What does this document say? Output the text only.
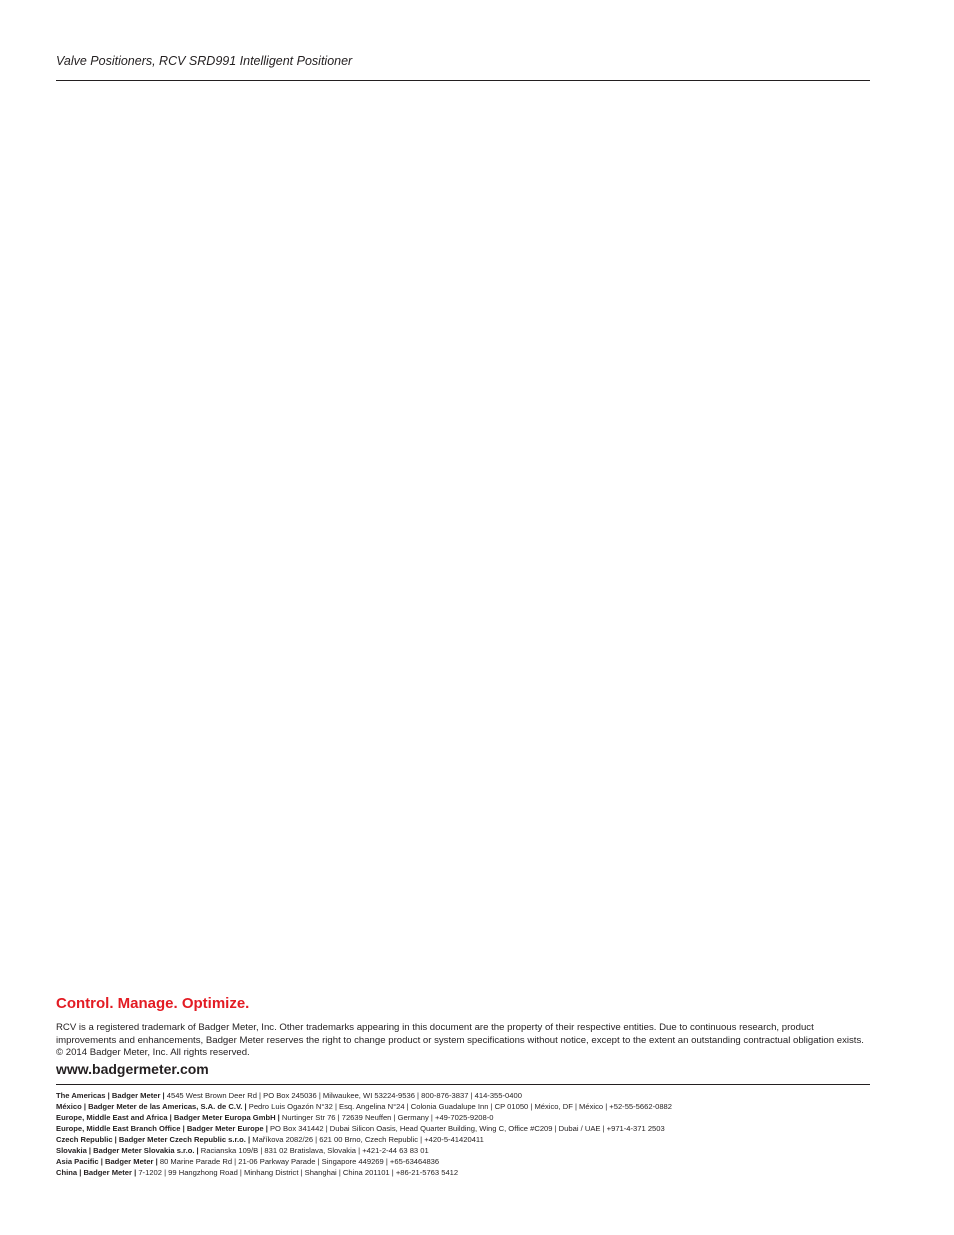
Valve Positioners, RCV SRD991 Intelligent Positioner
Control. Manage. Optimize.
RCV is a registered trademark of Badger Meter, Inc. Other trademarks appearing in this document are the property of their respective entities. Due to continuous research, product improvements and enhancements, Badger Meter reserves the right to change product or system specifications without notice, except to the extent an outstanding contractual obligation exists. © 2014 Badger Meter, Inc. All rights reserved.
www.badgermeter.com
The Americas | Badger Meter | 4545 West Brown Deer Rd | PO Box 245036 | Milwaukee, WI 53224-9536 | 800-876-3837 | 414-355-0400
México | Badger Meter de las Americas, S.A. de C.V. | Pedro Luis Ogazón N°32 | Esq. Angelina N°24 | Colonia Guadalupe Inn | CP 01050 | México, DF | México | +52-55-5662-0882
Europe, Middle East and Africa | Badger Meter Europa GmbH | Nurtinger Str 76 | 72639 Neuffen | Germany | +49-7025-9208-0
Europe, Middle East Branch Office | Badger Meter Europe | PO Box 341442 | Dubai Silicon Oasis, Head Quarter Building, Wing C, Office #C209 | Dubai / UAE | +971-4-371 2503
Czech Republic | Badger Meter Czech Republic s.r.o. | Maříkova 2082/26 | 621 00 Brno, Czech Republic | +420-5-41420411
Slovakia | Badger Meter Slovakia s.r.o. | Racianska 109/B | 831 02 Bratislava, Slovakia | +421-2-44 63 83 01
Asia Pacific | Badger Meter | 80 Marine Parade Rd | 21-06 Parkway Parade | Singapore 449269 | +65-63464836
China | Badger Meter | 7-1202 | 99 Hangzhong Road | Minhang District | Shanghai | China 201101 | +86-21-5763 5412
